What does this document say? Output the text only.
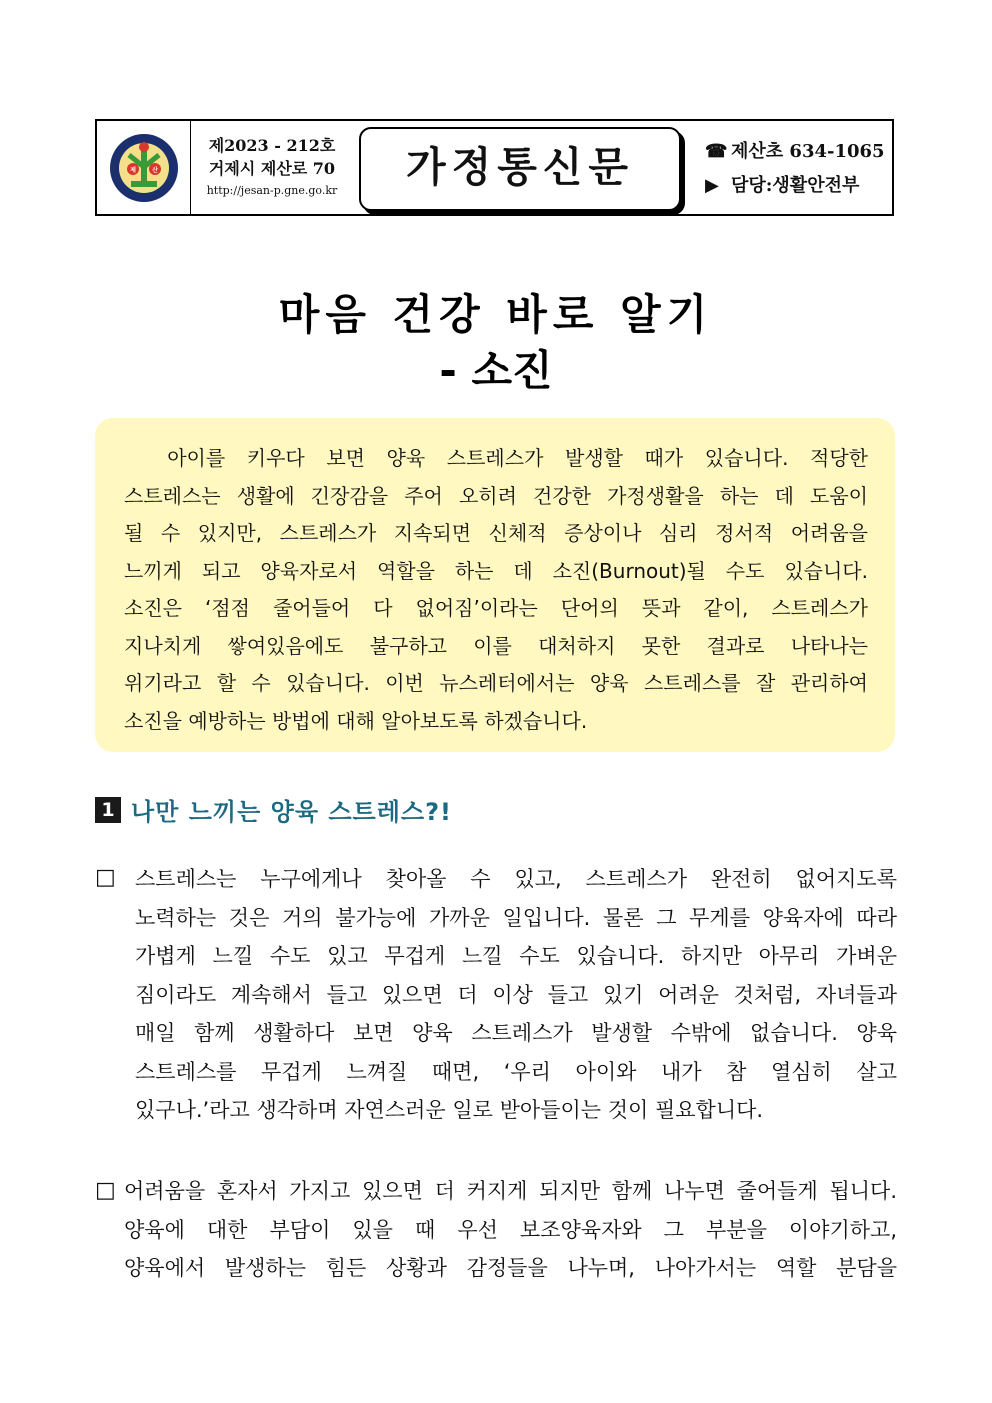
제	산
제2023 - 212호
거제시 제산로 70
http://jesan-p.gne.go.kr	가정통신문	☎ 제산초 634-1065
▶ 담당:생활안전부
마음 건강 바로 알기
- 소진
아이를 키우다 보면 양육 스트레스가 발생할 때가 있습니다. 적당한
스트레스는 생활에 긴장감을 주어 오히려 건강한 가정생활을 하는 데 도움이
될 수 있지만, 스트레스가 지속되면 신체적 증상이나 심리 정서적 어려움을
느끼게 되고 양육자로서 역할을 하는 데 소진(Burnout)될 수도 있습니다.
소진은 ‘점점 줄어들어 다 없어짐’이라는 단어의 뜻과 같이, 스트레스가
지나치게 쌓여있음에도 불구하고 이를 대처하지 못한 결과로 나타나는
위기라고 할 수 있습니다. 이번 뉴스레터에서는 양육 스트레스를 잘 관리하여
소진을 예방하는 방법에 대해 알아보도록 하겠습니다.
1 나만 느끼는 양육 스트레스?!
□ 스트레스는 누구에게나 찾아올 수 있고, 스트레스가 완전히 없어지도록
노력하는 것은 거의 불가능에 가까운 일입니다. 물론 그 무게를 양육자에 따라
가볍게 느낄 수도 있고 무겁게 느낄 수도 있습니다. 하지만 아무리 가벼운
짐이라도 계속해서 들고 있으면 더 이상 들고 있기 어려운 것처럼, 자녀들과
매일 함께 생활하다 보면 양육 스트레스가 발생할 수밖에 없습니다. 양육
스트레스를 무겁게 느껴질 때면, ‘우리 아이와 내가 참 열심히 살고
있구나.’라고 생각하며 자연스러운 일로 받아들이는 것이 필요합니다.
□ 어려움을 혼자서 가지고 있으면 더 커지게 되지만 함께 나누면 줄어들게 됩니다.
양육에 대한 부담이 있을 때 우선 보조양육자와 그 부분을 이야기하고,
양육에서 발생하는 힘든 상황과 감정들을 나누며, 나아가서는 역할 분담을
